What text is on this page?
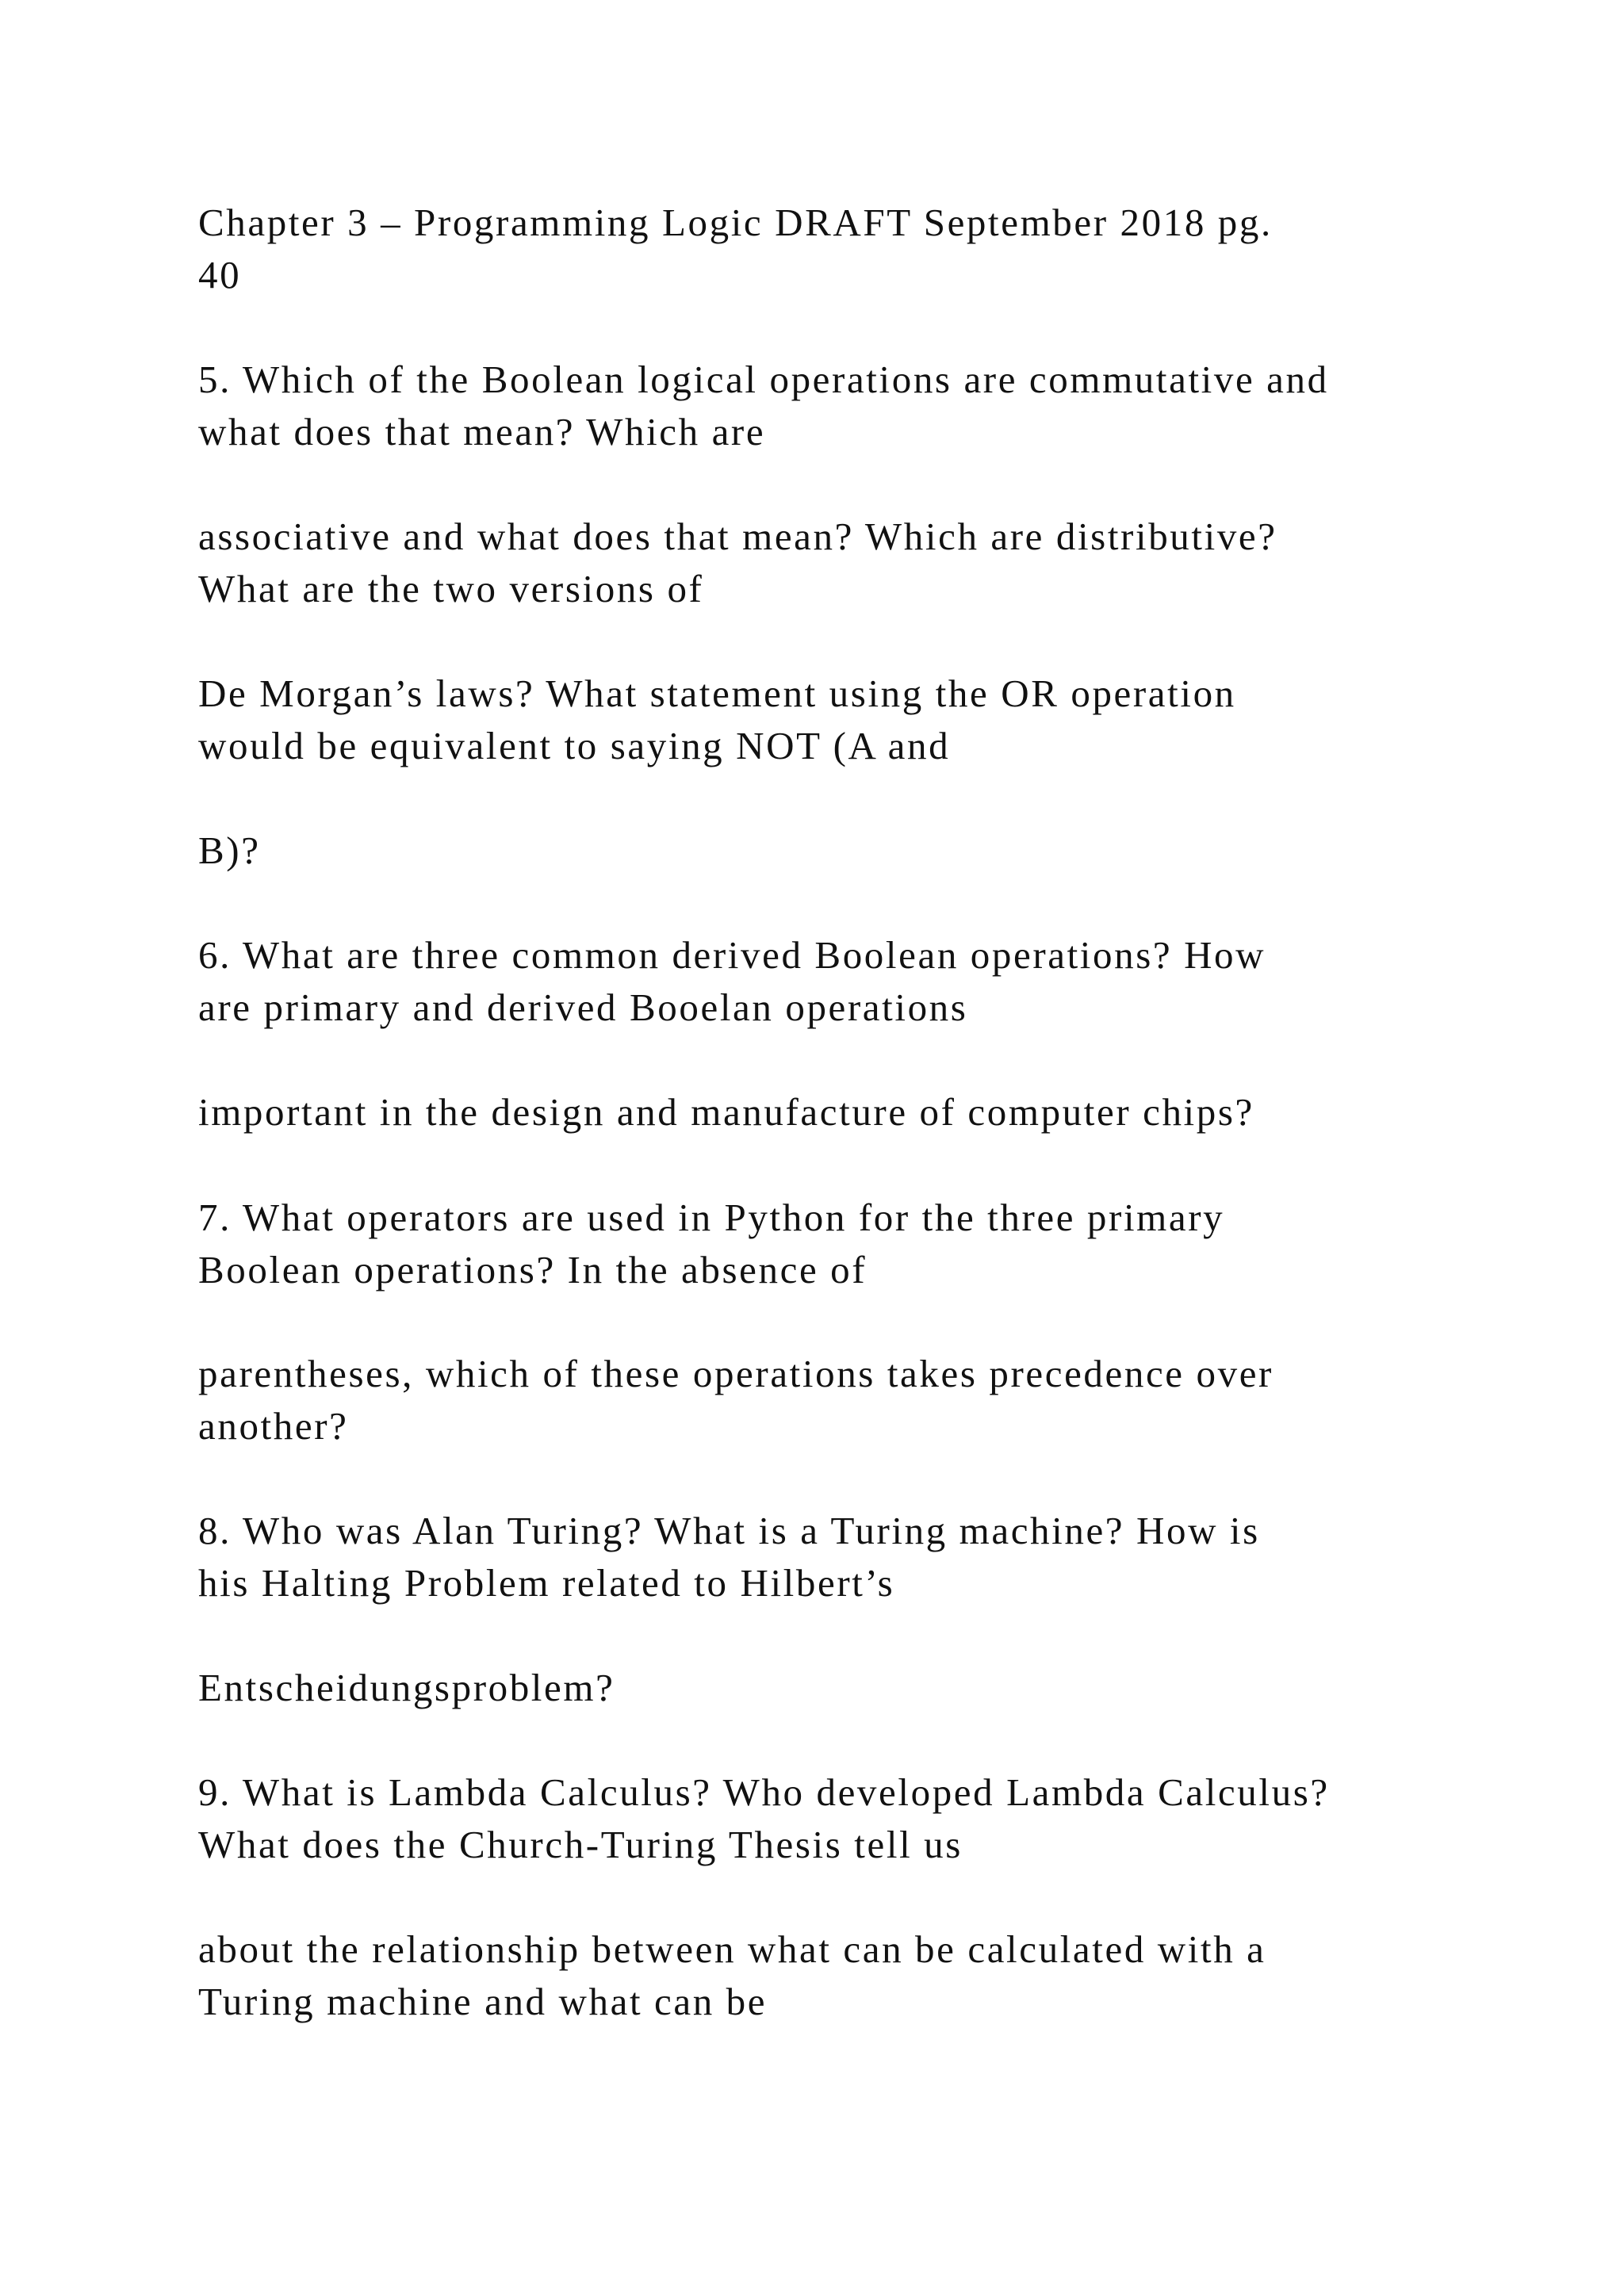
Chapter 3 – Programming Logic DRAFT September 2018 pg.
40
5. Which of the Boolean logical operations are commutative and
what does that mean? Which are
associative and what does that mean? Which are distributive?
What are the two versions of
De Morgan’s laws? What statement using the OR operation
would be equivalent to saying NOT (A and
B)?
6. What are three common derived Boolean operations? How
are primary and derived Booelan operations
important in the design and manufacture of computer chips?
7. What operators are used in Python for the three primary
Boolean operations? In the absence of
parentheses, which of these operations takes precedence over
another?
8. Who was Alan Turing? What is a Turing machine? How is
his Halting Problem related to Hilbert’s
Entscheidungsproblem?
9. What is Lambda Calculus? Who developed Lambda Calculus?
What does the Church-Turing Thesis tell us
about the relationship between what can be calculated with a
Turing machine and what can be
